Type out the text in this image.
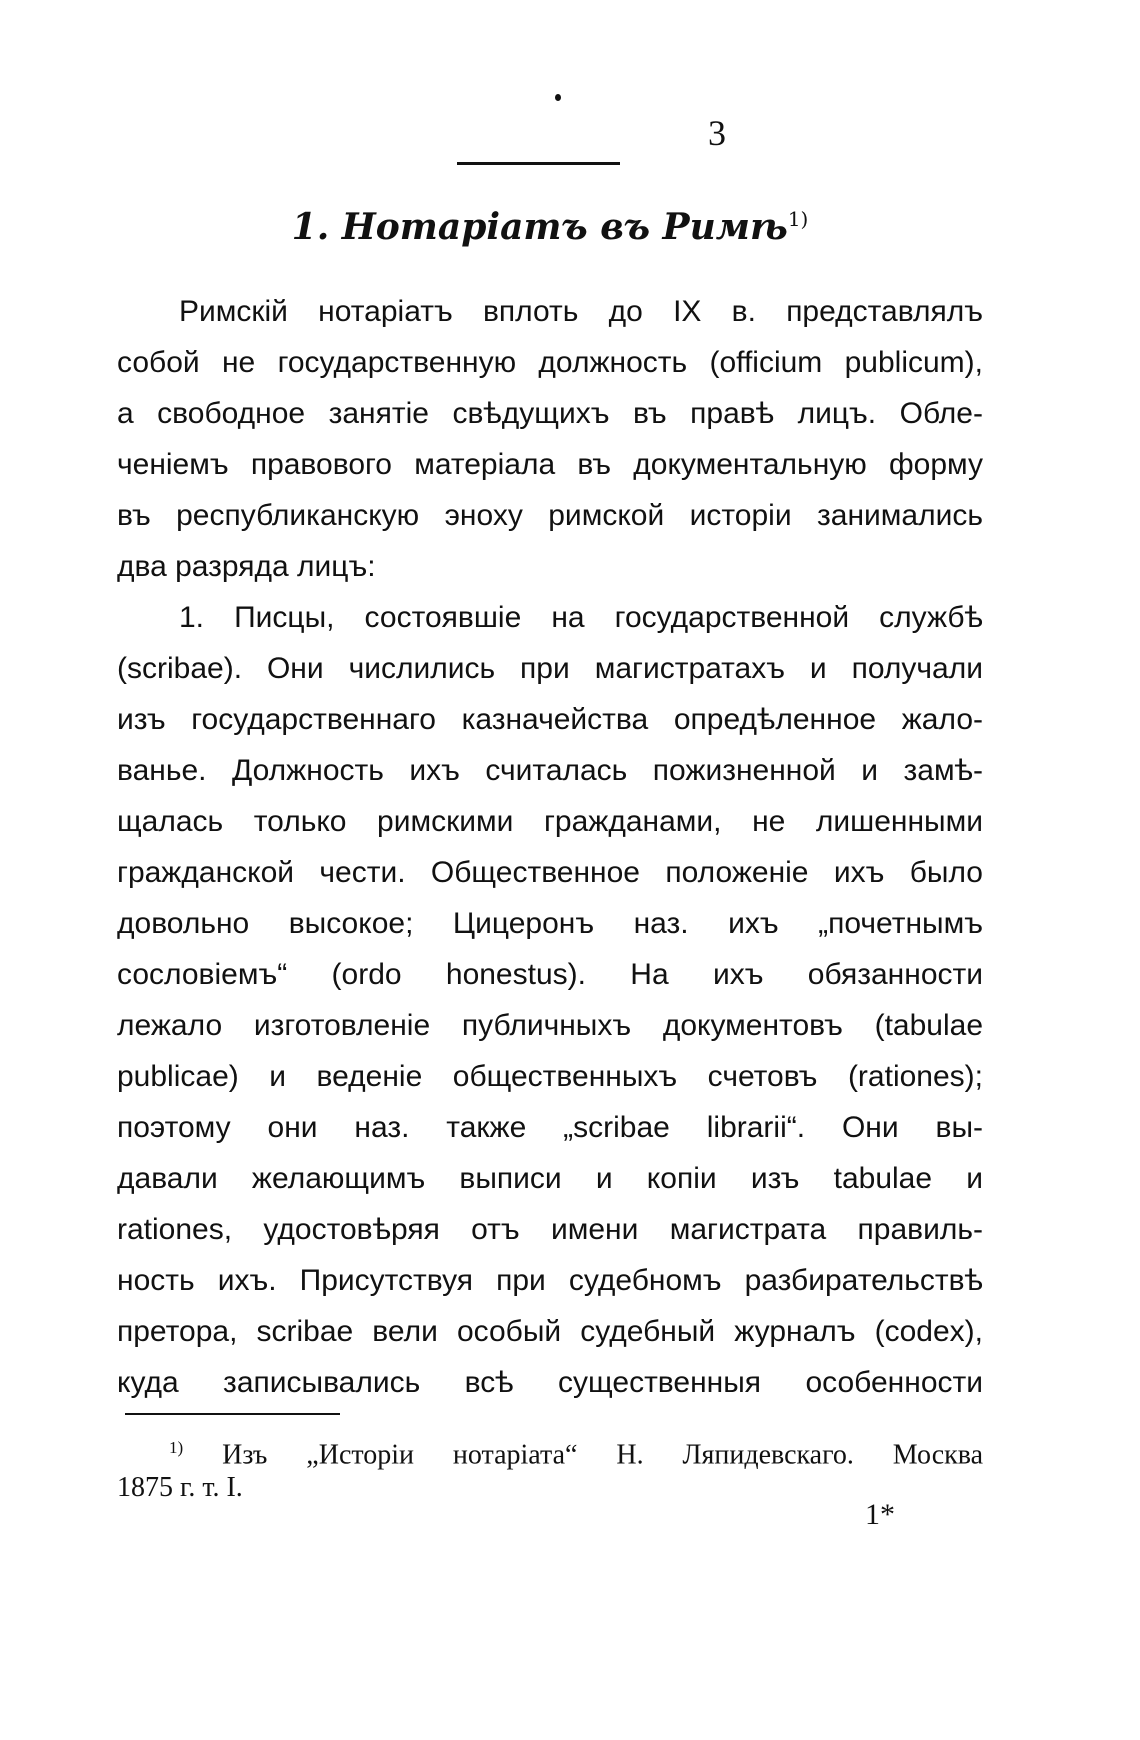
3
1. Нотаріатъ въ Римѣ$^{1)}$
Римскій нотаріатъ вплоть до IX в. представлялъ
собой не государственную должность (officium publicum),
а свободное занятіе свѣдущихъ въ правѣ лицъ. Обле-
ченіемъ правового матеріала въ документальную форму
въ республиканскую эноху римской исторіи занимались
два разряда лицъ:
1. Писцы, состоявшіе на государственной службѣ
(scribae). Они числились при магистратахъ и получали
изъ государственнаго казначейства опредѣленное жало-
ванье. Должность ихъ считалась пожизненной и замѣ-
щалась только римскими гражданами, не лишенными
гражданской чести. Общественное положеніе ихъ было
довольно высокое; Цицеронъ наз. ихъ „почетнымъ
сословіемъ“ (ordo honestus). На ихъ обязанности
лежало изготовленіе публичныхъ документовъ (tabulae
publicae) и веденіе общественныхъ счетовъ (rationes);
поэтому они наз. также „scribae librarii“. Они вы-
давали желающимъ выписи и копіи изъ tabulae и
rationes, удостовѣряя отъ имени магистрата правиль-
ность ихъ. Присутствуя при судебномъ разбирательствѣ
претора, scribae вели особый судебный журналъ (codex),
куда записывались всѣ существенныя особенности
$^{1)}$ Изъ „Исторіи нотаріата“ Н. Ляпидевскаго. Москва
1875 г. т. I.
1*
